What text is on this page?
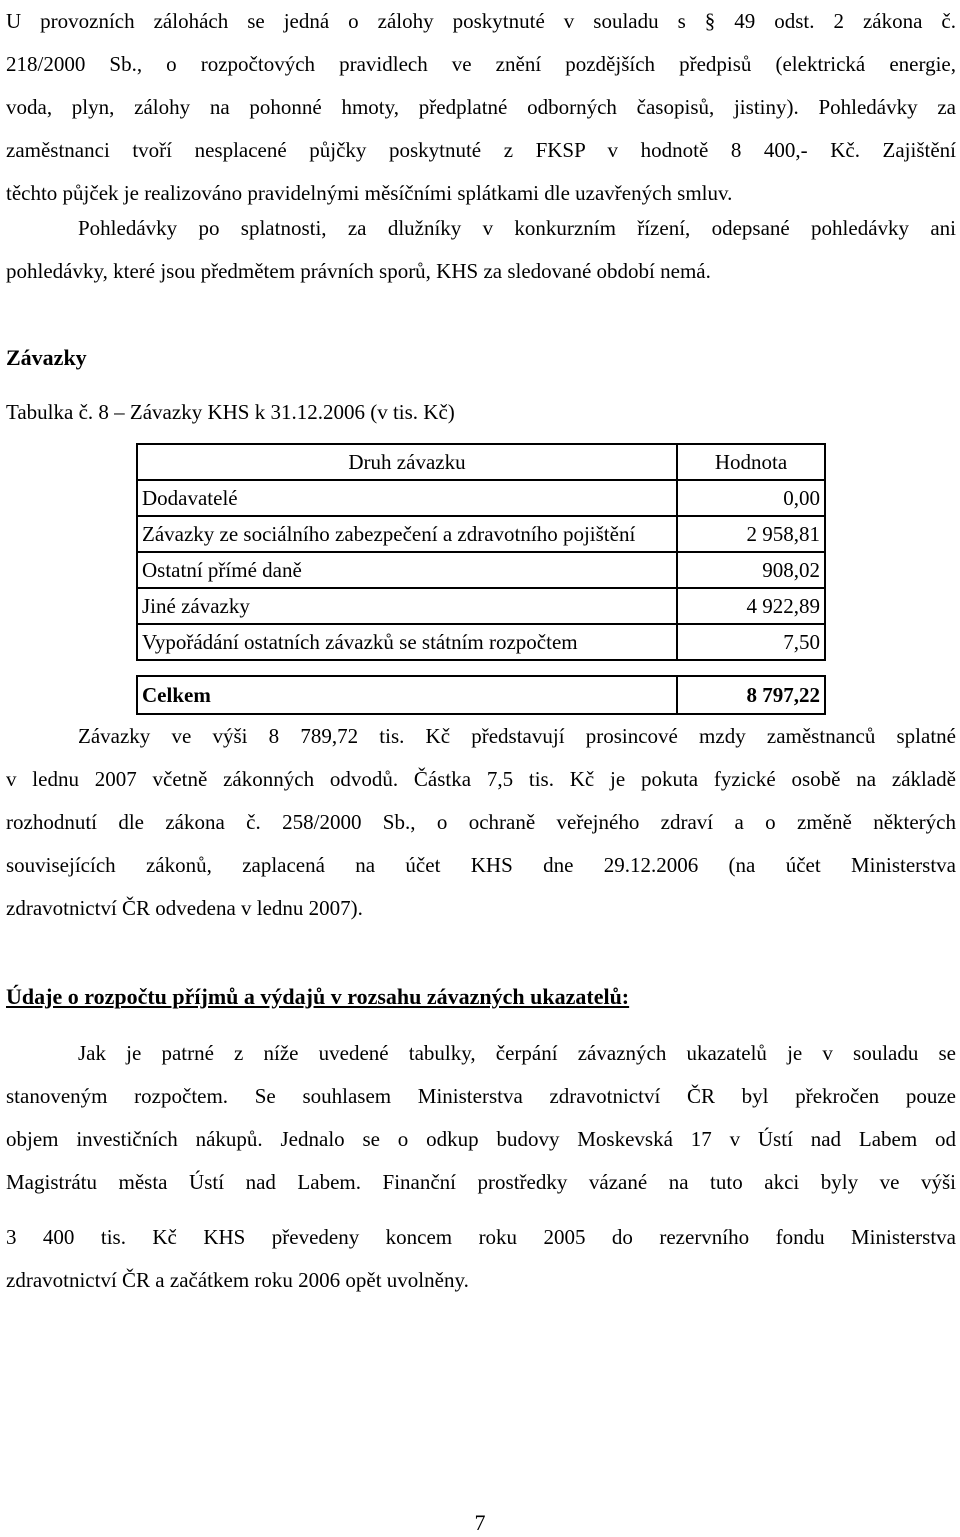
U provozních zálohách se jedná o zálohy poskytnuté v souladu s § 49 odst. 2 zákona č.
218/2000 Sb., o rozpočtových pravidlech ve znění pozdějších předpisů (elektrická energie,
voda, plyn, zálohy na pohonné hmoty, předplatné odborných časopisů, jistiny). Pohledávky za
zaměstnanci tvoří nesplacené půjčky poskytnuté z FKSP v hodnotě 8 400,- Kč. Zajištění
těchto půjček je realizováno pravidelnými měsíčními splátkami dle uzavřených smluv.
Pohledávky po splatnosti, za dlužníky v konkurzním řízení, odepsané pohledávky ani
pohledávky, které jsou předmětem právních sporů, KHS za sledované období nemá.
Závazky
Tabulka č. 8 – Závazky KHS k 31.12.2006 (v tis. Kč)
Druh závazku	Hodnota
Dodavatelé	0,00
Závazky ze sociálního zabezpečení a zdravotního pojištění	2 958,81
Ostatní přímé daně	908,02
Jiné závazky	4 922,89
Vypořádání ostatních závazků se státním rozpočtem	7,50

Celkem	8 797,22
Závazky ve výši 8 789,72 tis. Kč představují prosincové mzdy zaměstnanců splatné
v lednu 2007 včetně zákonných odvodů. Částka 7,5 tis. Kč je pokuta fyzické osobě na základě
rozhodnutí dle zákona č. 258/2000 Sb., o ochraně veřejného zdraví a o změně některých
souvisejících zákonů, zaplacená na účet KHS dne 29.12.2006 (na účet Ministerstva
zdravotnictví ČR odvedena v lednu 2007).
Údaje o rozpočtu příjmů a výdajů v rozsahu závazných ukazatelů:
Jak je patrné z níže uvedené tabulky, čerpání závazných ukazatelů je v souladu se
stanoveným rozpočtem. Se souhlasem Ministerstva zdravotnictví ČR byl překročen pouze
objem investičních nákupů. Jednalo se o odkup budovy Moskevská 17 v Ústí nad Labem od
Magistrátu města Ústí nad Labem. Finanční prostředky vázané na tuto akci byly ve výši
3 400 tis. Kč KHS převedeny koncem roku 2005 do rezervního fondu Ministerstva
zdravotnictví ČR a začátkem roku 2006 opět uvolněny.
7
